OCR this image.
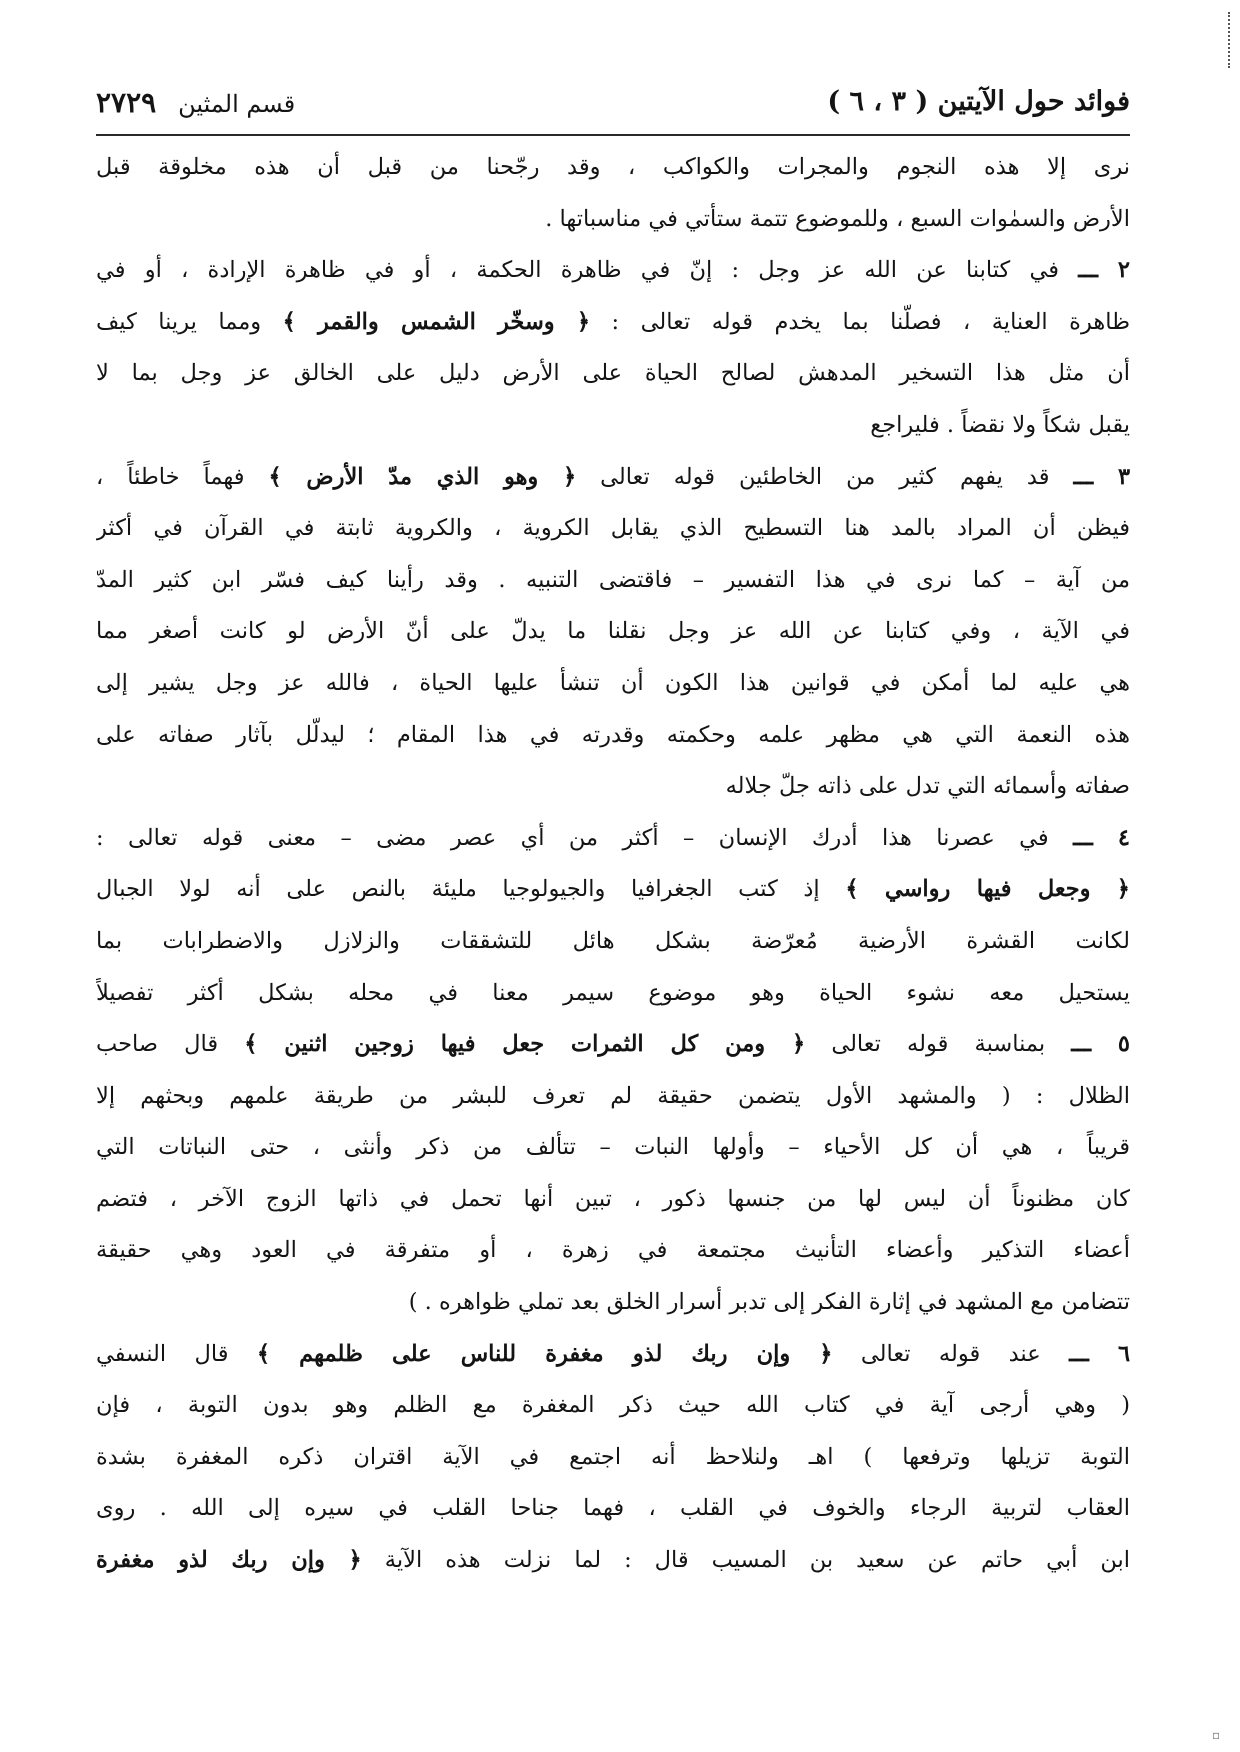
فوائد حول الآيتين ( ٣ ، ٦ )
قسم المثين
٢٧٢٩
نرى إلا هذه النجوم والمجرات والكواكب ، وقد رجّحنا من قبل أن هذه مخلوقة قبل
الأرض والسمٰوات السبع ، وللموضوع تتمة ستأتي في مناسباتها .
٢ ـــ في كتابنا عن الله عز وجل : إنّ في ظاهرة الحكمة ، أو في ظاهرة الإرادة ، أو في
ظاهرة العناية ، فصلّنا بما يخدم قوله تعالى : ﴿ وسخّر الشمس والقمر ﴾ ومما يرينا كيف
أن مثل هذا التسخير المدهش لصالح الحياة على الأرض دليل على الخالق عز وجل بما لا
يقبل شكاً ولا نقضاً . فليراجع
٣ ـــ قد يفهم كثير من الخاطئين قوله تعالى ﴿ وهو الذي مدّ الأرض ﴾ فهماً خاطئاً ،
فيظن أن المراد بالمد هنا التسطيح الذي يقابل الكروية ، والكروية ثابتة في القرآن في أكثر
من آية – كما نرى في هذا التفسير – فاقتضى التنبيه . وقد رأينا كيف فسّر ابن كثير المدّ
في الآية ، وفي كتابنا عن الله عز وجل نقلنا ما يدلّ على أنّ الأرض لو كانت أصغر مما
هي عليه لما أمكن في قوانين هذا الكون أن تنشأ عليها الحياة ، فالله عز وجل يشير إلى
هذه النعمة التي هي مظهر علمه وحكمته وقدرته في هذا المقام ؛ ليدلّل بآثار صفاته على
صفاته وأسمائه التي تدل على ذاته جلّ جلاله
٤ ـــ في عصرنا هذا أدرك الإنسان – أكثر من أي عصر مضى – معنى قوله تعالى :
﴿ وجعل فيها رواسي ﴾ إذ كتب الجغرافيا والجيولوجيا مليئة بالنص على أنه لولا الجبال
لكانت القشرة الأرضية مُعرّضة بشكل هائل للتشققات والزلازل والاضطرابات بما
يستحيل معه نشوء الحياة وهو موضوع سيمر معنا في محله بشكل أكثر تفصيلاً
٥ ـــ بمناسبة قوله تعالى ﴿ ومن كل الثمرات جعل فيها زوجين اثنين ﴾ قال صاحب
الظلال : ( والمشهد الأول يتضمن حقيقة لم تعرف للبشر من طريقة علمهم وبحثهم إلا
قريباً ، هي أن كل الأحياء – وأولها النبات – تتألف من ذكر وأنثى ، حتى النباتات التي
كان مظنوناً أن ليس لها من جنسها ذكور ، تبين أنها تحمل في ذاتها الزوج الآخر ، فتضم
أعضاء التذكير وأعضاء التأنيث مجتمعة في زهرة ، أو متفرقة في العود وهي حقيقة
تتضامن مع المشهد في إثارة الفكر إلى تدبر أسرار الخلق بعد تملي ظواهره . )
٦ ـــ عند قوله تعالى ﴿ وإن ربك لذو مغفرة للناس على ظلمهم ﴾ قال النسفي
( وهي أرجى آية في كتاب الله حيث ذكر المغفرة مع الظلم وهو بدون التوبة ، فإن
التوبة تزيلها وترفعها ) اهـ ولنلاحظ أنه اجتمع في الآية اقتران ذكره المغفرة بشدة
العقاب لتربية الرجاء والخوف في القلب ، فهما جناحا القلب في سيره إلى الله . روى
ابن أبي حاتم عن سعيد بن المسيب قال : لما نزلت هذه الآية ﴿ وإن ربك لذو مغفرة
▫
